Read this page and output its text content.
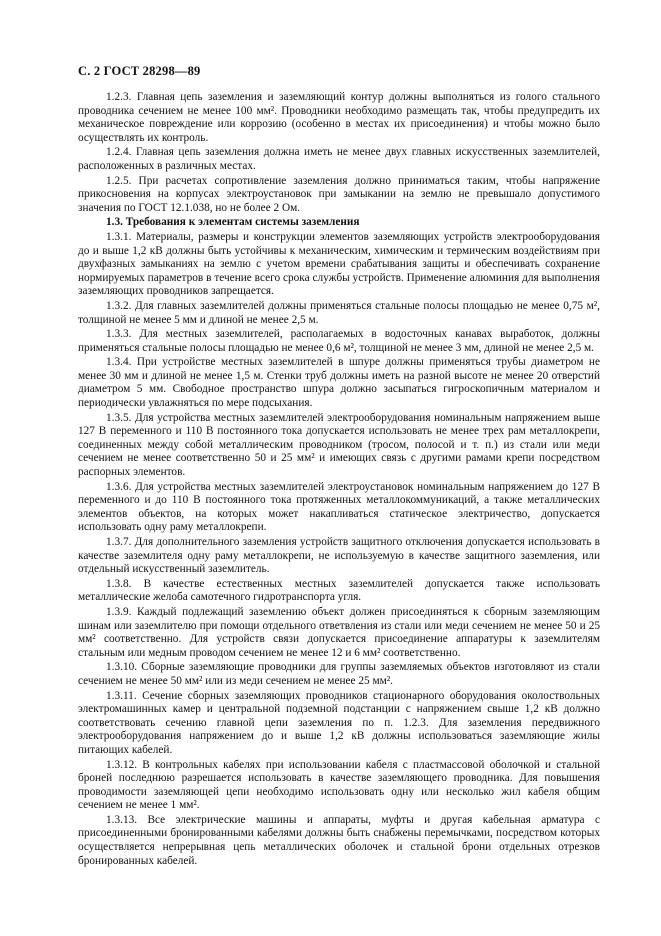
С. 2 ГОСТ 28298—89

1.2.3. Главная цепь заземления и заземляющий контур должны выполняться из голого стального проводника сечением не менее 100 мм². Проводники необходимо размещать так, чтобы предупредить их механическое повреждение или коррозию (особенно в местах их присоединения) и чтобы можно было осуществлять их контроль.

1.2.4. Главная цепь заземления должна иметь не менее двух главных искусственных заземлителей, расположенных в различных местах.

1.2.5. При расчетах сопротивление заземления должно приниматься таким, чтобы напряжение прикосновения на корпусах электроустановок при замыкании на землю не превышало допустимого значения по ГОСТ 12.1.038, но не более 2 Ом.

1.3. Требования к элементам системы заземления

1.3.1. Материалы, размеры и конструкции элементов заземляющих устройств электрооборудования до и выше 1,2 кВ должны быть устойчивы к механическим, химическим и термическим воздействиям при двухфазных замыканиях на землю с учетом времени срабатывания защиты и обеспечивать сохранение нормируемых параметров в течение всего срока службы устройств. Применение алюминия для выполнения заземляющих проводников запрещается.

1.3.2. Для главных заземлителей должны применяться стальные полосы площадью не менее 0,75 м², толщиной не менее 5 мм и длиной не менее 2,5 м.

1.3.3. Для местных заземлителей, располагаемых в водосточных канавах выработок, должны применяться стальные полосы площадью не менее 0,6 м², толщиной не менее 3 мм, длиной не менее 2,5 м.

1.3.4. При устройстве местных заземлителей в шпуре должны применяться трубы диаметром не менее 30 мм и длиной не менее 1,5 м. Стенки труб должны иметь на разной высоте не менее 20 отверстий диаметром 5 мм. Свободное пространство шпура должно засыпаться гигроскопичным материалом и периодически увлажняться по мере подсыхания.

1.3.5. Для устройства местных заземлителей электрооборудования номинальным напряжением выше 127 В переменного и 110 В постоянного тока допускается использовать не менее трех рам металлокрепи, соединенных между собой металлическим проводником (тросом, полосой и т. п.) из стали или меди сечением не менее соответственно 50 и 25 мм² и имеющих связь с другими рамами крепи посредством распорных элементов.

1.3.6. Для устройства местных заземлителей электроустановок номинальным напряжением до 127 В переменного и до 110 В постоянного тока протяженных металлокоммуникаций, а также металлических элементов объектов, на которых может накапливаться статическое электричество, допускается использовать одну раму металлокрепи.

1.3.7. Для дополнительного заземления устройств защитного отключения допускается использовать в качестве заземлителя одну раму металлокрепи, не используемую в качестве защитного заземления, или отдельный искусственный заземлитель.

1.3.8. В качестве естественных местных заземлителей допускается также использовать металлические желоба самотечного гидротранспорта угля.

1.3.9. Каждый подлежащий заземлению объект должен присоединяться к сборным заземляющим шинам или заземлителю при помощи отдельного ответвления из стали или меди сечением не менее 50 и 25 мм² соответственно. Для устройств связи допускается присоединение аппаратуры к заземлителям стальным или медным проводом сечением не менее 12 и 6 мм² соответственно.

1.3.10. Сборные заземляющие проводники для группы заземляемых объектов изготовляют из стали сечением не менее 50 мм² или из меди сечением не менее 25 мм².

1.3.11. Сечение сборных заземляющих проводников стационарного оборудования околоствольных электромашинных камер и центральной подземной подстанции с напряжением свыше 1,2 кВ должно соответствовать сечению главной цепи заземления по п. 1.2.3. Для заземления передвижного электрооборудования напряжением до и выше 1,2 кВ должны использоваться заземляющие жилы питающих кабелей.

1.3.12. В контрольных кабелях при использовании кабеля с пластмассовой оболочкой и стальной броней последнюю разрешается использовать в качестве заземляющего проводника. Для повышения проводимости заземляющей цепи необходимо использовать одну или несколько жил кабеля общим сечением не менее 1 мм².

1.3.13. Все электрические машины и аппараты, муфты и другая кабельная арматура с присоединенными бронированными кабелями должны быть снабжены перемычками, посредством которых осуществляется непрерывная цепь металлических оболочек и стальной брони отдельных отрезков бронированных кабелей.
